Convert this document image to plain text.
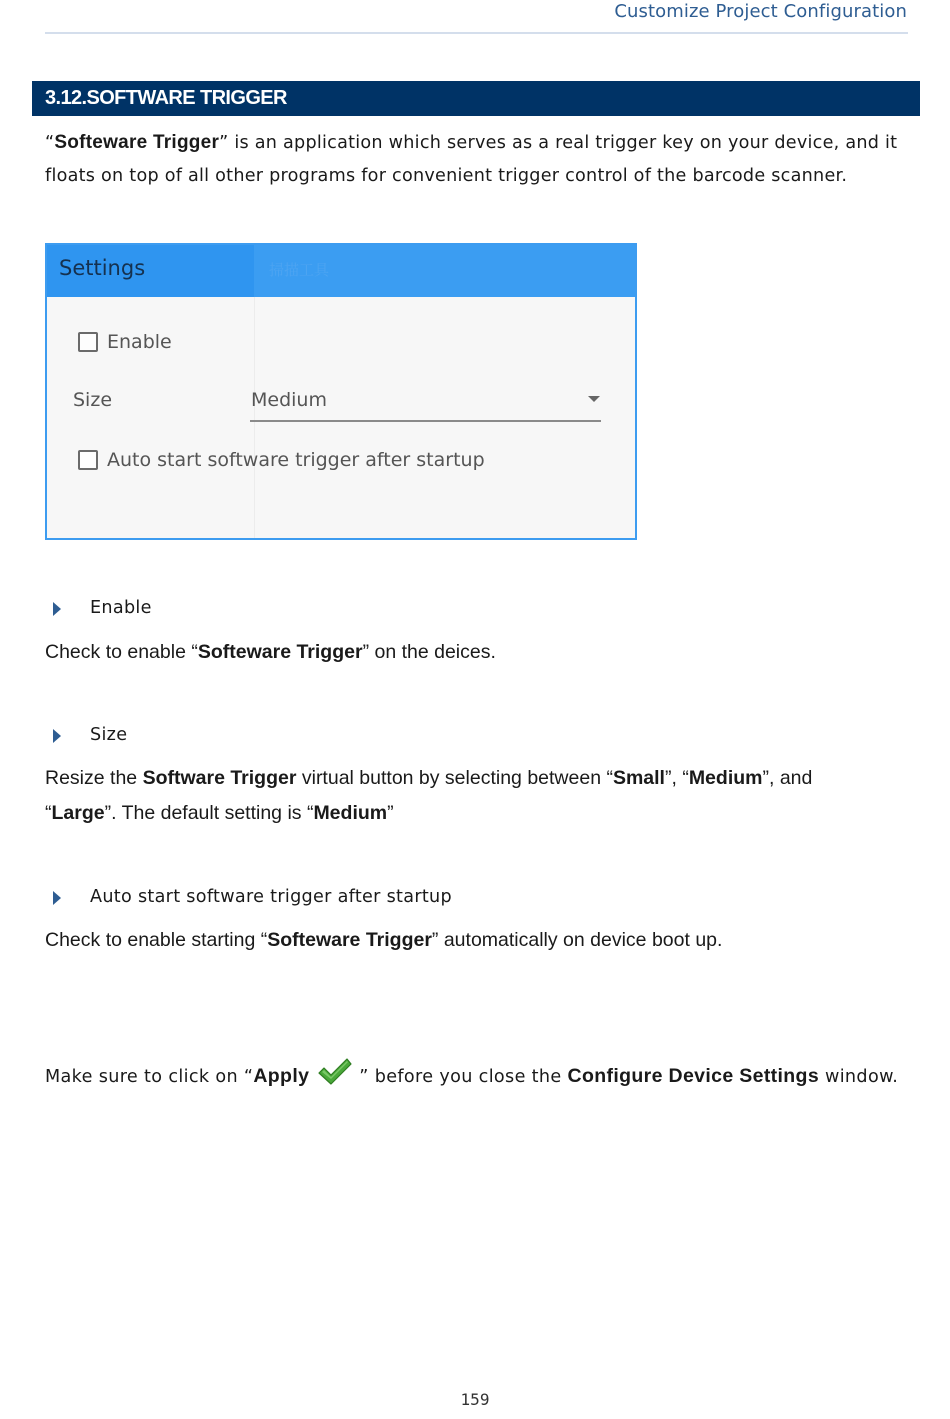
Customize Project Configuration
3.12.SOFTWARE TRIGGER
“Softeware Trigger” is an application which serves as a real trigger key on your device, and it floats on top of all other programs for convenient trigger control of the barcode scanner.
Settings	掃描工具
Enable
Size	Medium
Auto start software trigger after startup
Enable
Check to enable “Softeware Trigger” on the deices.
Size
Resize the Software Trigger virtual button by selecting between “Small”, “Medium”, and
“Large”. The default setting is “Medium”
Auto start software trigger after startup
Check to enable starting “Softeware Trigger” automatically on device boot up.
Make sure to click on “Apply	” before you close the Configure Device Settings window.
159
